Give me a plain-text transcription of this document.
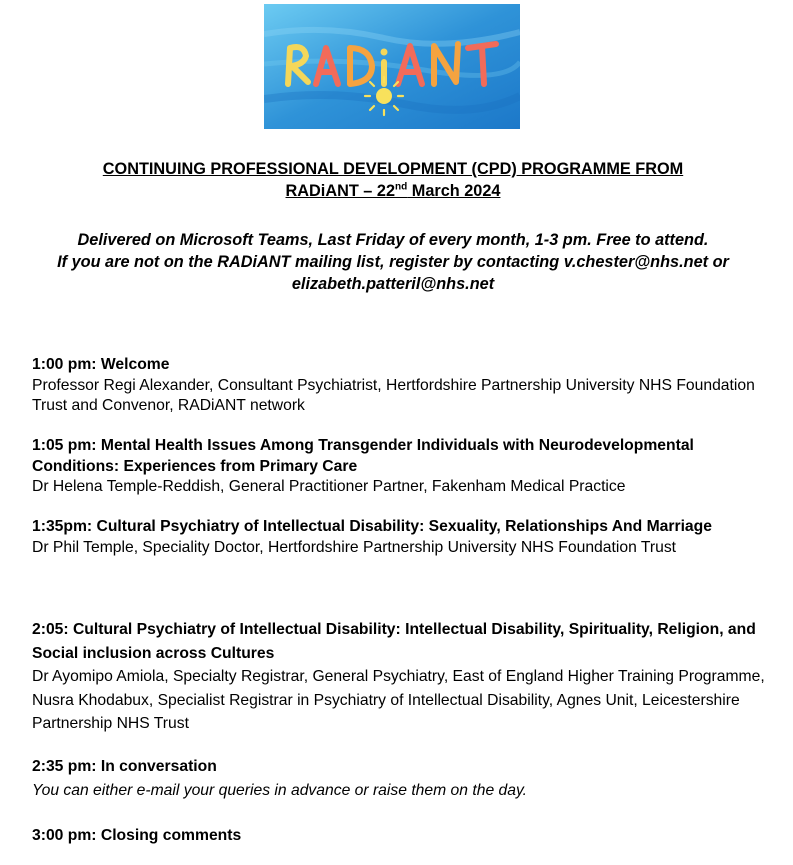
CONTINUING PROFESSIONAL DEVELOPMENT (CPD) PROGRAMME FROM
RADiANT – 22nd March 2024
Delivered on Microsoft Teams, Last Friday of every month, 1-3 pm. Free to attend.
If you are not on the RADiANT mailing list, register by contacting v.chester@nhs.net or elizabeth.patteril@nhs.net
1:00 pm: Welcome
Professor Regi Alexander, Consultant Psychiatrist, Hertfordshire Partnership University NHS Foundation Trust and Convenor, RADiANT network
1:05 pm: Mental Health Issues Among Transgender Individuals with Neurodevelopmental Conditions: Experiences from Primary Care
Dr Helena Temple-Reddish, General Practitioner Partner, Fakenham Medical Practice
1:35pm: Cultural Psychiatry of Intellectual Disability: Sexuality, Relationships And Marriage
Dr Phil Temple, Speciality Doctor, Hertfordshire Partnership University NHS Foundation Trust
2:05: Cultural Psychiatry of Intellectual Disability: Intellectual Disability, Spirituality, Religion, and Social inclusion across Cultures
Dr Ayomipo Amiola, Specialty Registrar, General Psychiatry, East of England Higher Training Programme, Nusra Khodabux, Specialist Registrar in Psychiatry of Intellectual Disability, Agnes Unit, Leicestershire Partnership NHS Trust
2:35 pm: In conversation
You can either e-mail your queries in advance or raise them on the day.
3:00 pm: Closing comments
